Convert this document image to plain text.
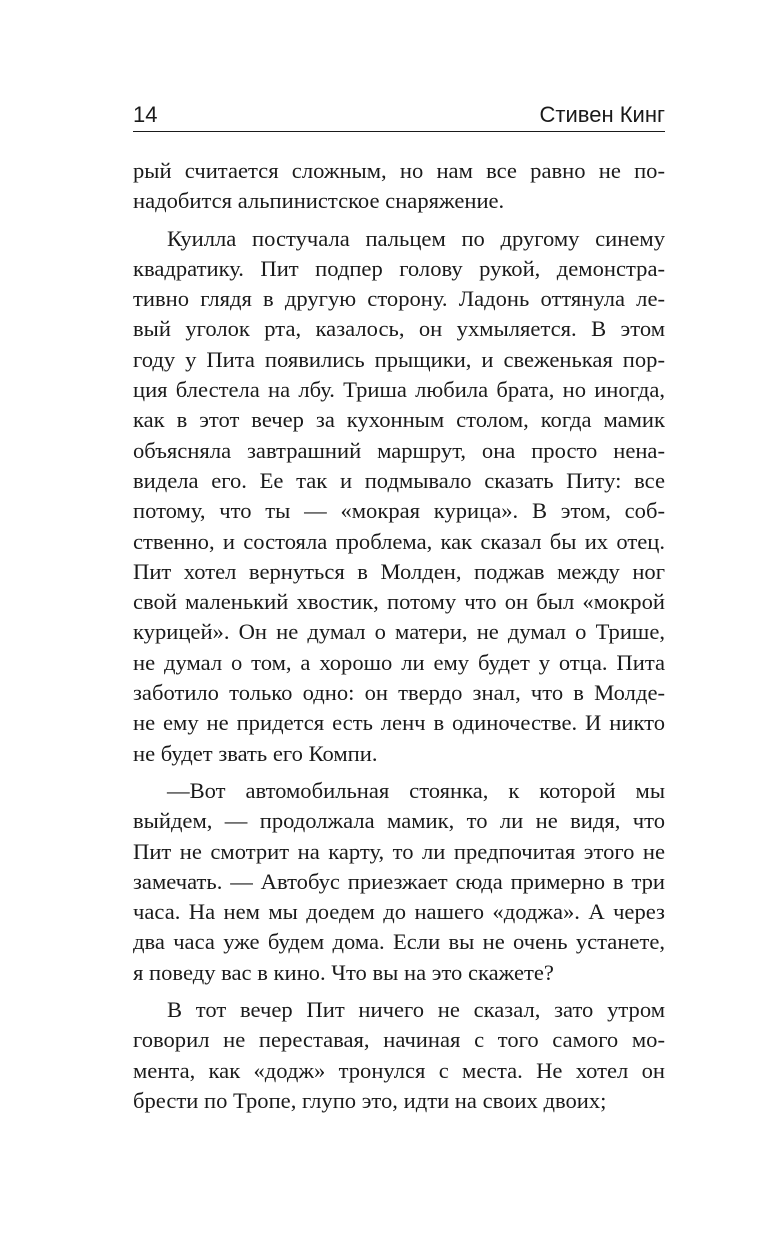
14	Стивен Кинг
рый считается сложным, но нам все равно не по-
надобится альпинистское снаряжение.
Куилла постучала пальцем по другому синему
квадратику. Пит подпер голову рукой, демонстра-
тивно глядя в другую сторону. Ладонь оттянула ле-
вый уголок рта, казалось, он ухмыляется. В этом
году у Пита появились прыщики, и свеженькая пор-
ция блестела на лбу. Триша любила брата, но иногда,
как в этот вечер за кухонным столом, когда мамик
объясняла завтрашний маршрут, она просто нена-
видела его. Ее так и подмывало сказать Питу: все
потому, что ты — «мокрая курица». В этом, соб-
ственно, и состояла проблема, как сказал бы их отец.
Пит хотел вернуться в Молден, поджав между ног
свой маленький хвостик, потому что он был «мокрой
курицей». Он не думал о матери, не думал о Трише,
не думал о том, а хорошо ли ему будет у отца. Пита
заботило только одно: он твердо знал, что в Молде-
не ему не придется есть ленч в одиночестве. И никто
не будет звать его Компи.
—Вот автомобильная стоянка, к которой мы
выйдем, — продолжала мамик, то ли не видя, что
Пит не смотрит на карту, то ли предпочитая этого не
замечать. — Автобус приезжает сюда примерно в три
часа. На нем мы доедем до нашего «доджа». А через
два часа уже будем дома. Если вы не очень устанете,
я поведу вас в кино. Что вы на это скажете?
В тот вечер Пит ничего не сказал, зато утром
говорил не переставая, начиная с того самого мо-
мента, как «додж» тронулся с места. Не хотел он
брести по Тропе, глупо это, идти на своих двоих;
